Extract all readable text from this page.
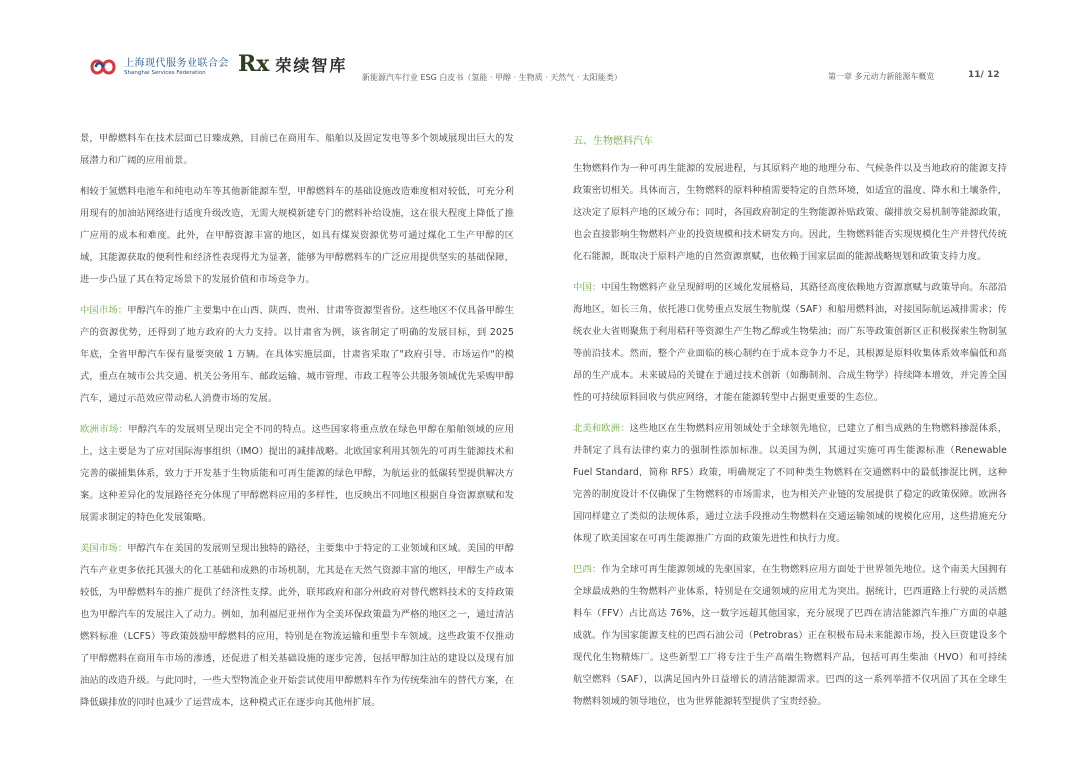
上海现代服务业联合会
Shanghai Services Federation	Rx 荣续智库
新能源汽车行业 ESG 白皮书（氢能 · 甲醇 · 生物质 · 天然气 · 太阳能类）	第一章 多元动力新能源车概览	11/ 12

景，甲醇燃料车在技术层面已日臻成熟，目前已在商用车、船舶以及固定发电等多个领域展现出巨大的发展潜力和广阔的应用前景。

相较于氢燃料电池车和纯电动车等其他新能源车型，甲醇燃料车的基础设施改造难度相对较低，可充分利用现有的加油站网络进行适度升级改造，无需大规模新建专门的燃料补给设施，这在很大程度上降低了推广应用的成本和难度。此外，在甲醇资源丰富的地区，如具有煤炭资源优势可通过煤化工生产甲醇的区域，其能源获取的便利性和经济性表现得尤为显著，能够为甲醇燃料车的广泛应用提供坚实的基础保障，进一步凸显了其在特定场景下的发展价值和市场竞争力。

中国市场：甲醇汽车的推广主要集中在山西、陕西、贵州、甘肃等资源型省份。这些地区不仅具备甲醇生产的资源优势，还得到了地方政府的大力支持。以甘肃省为例，该省制定了明确的发展目标，到 2025 年底，全省甲醇汽车保有量要突破 1 万辆。在具体实施层面，甘肃省采取了"政府引导、市场运作"的模式，重点在城市公共交通、机关公务用车、邮政运输、城市管理、市政工程等公共服务领域优先采购甲醇汽车，通过示范效应带动私人消费市场的发展。

欧洲市场：甲醇汽车的发展则呈现出完全不同的特点。这些国家将重点放在绿色甲醇在船舶领域的应用上，这主要是为了应对国际海事组织（IMO）提出的减排战略。北欧国家利用其领先的可再生能源技术和完善的碳捕集体系，致力于开发基于生物质能和可再生能源的绿色甲醇，为航运业的低碳转型提供解决方案。这种差异化的发展路径充分体现了甲醇燃料应用的多样性，也反映出不同地区根据自身资源禀赋和发展需求制定的特色化发展策略。

美国市场：甲醇汽车在美国的发展则呈现出独特的路径，主要集中于特定的工业领域和区域。美国的甲醇汽车产业更多依托其强大的化工基础和成熟的市场机制，尤其是在天然气资源丰富的地区，甲醇生产成本较低，为甲醇燃料车的推广提供了经济性支撑。此外，联邦政府和部分州政府对替代燃料技术的支持政策也为甲醇汽车的发展注入了动力。例如，加利福尼亚州作为全美环保政策最为严格的地区之一，通过清洁燃料标准（LCFS）等政策鼓励甲醇燃料的应用，特别是在物流运输和重型卡车领域。这些政策不仅推动了甲醇燃料在商用车市场的渗透，还促进了相关基础设施的逐步完善，包括甲醇加注站的建设以及现有加油站的改造升级。与此同时，一些大型物流企业开始尝试使用甲醇燃料车作为传统柴油车的替代方案，在降低碳排放的同时也减少了运营成本，这种模式正在逐步向其他州扩展。

五、生物燃料汽车

生物燃料作为一种可再生能源的发展进程，与其原料产地的地理分布、气候条件以及当地政府的能源支持政策密切相关。具体而言，生物燃料的原料种植需要特定的自然环境，如适宜的温度、降水和土壤条件，这决定了原料产地的区域分布；同时，各国政府制定的生物能源补贴政策、碳排放交易机制等能源政策，也会直接影响生物燃料产业的投资规模和技术研发方向。因此，生物燃料能否实现规模化生产并替代传统化石能源，既取决于原料产地的自然资源禀赋，也依赖于国家层面的能源战略规划和政策支持力度。

中国：中国生物燃料产业呈现鲜明的区域化发展格局，其路径高度依赖地方资源禀赋与政策导向。东部沿海地区，如长三角，依托港口优势重点发展生物航煤（SAF）和船用燃料油，对接国际航运减排需求；传统农业大省则聚焦于利用秸秆等资源生产生物乙醇或生物柴油；而广东等政策创新区正积极探索生物制氢等前沿技术。然而，整个产业面临的核心制约在于成本竞争力不足，其根源是原料收集体系效率偏低和高昂的生产成本。未来破局的关键在于通过技术创新（如酶制剂、合成生物学）持续降本增效，并完善全国性的可持续原料回收与供应网络，才能在能源转型中占据更重要的生态位。

北美和欧洲：这些地区在生物燃料应用领域处于全球领先地位，已建立了相当成熟的生物燃料掺混体系，并制定了具有法律约束力的强制性添加标准。以美国为例，其通过实施可再生能源标准（Renewable Fuel Standard，简称 RFS）政策，明确规定了不同种类生物燃料在交通燃料中的最低掺混比例，这种完善的制度设计不仅确保了生物燃料的市场需求，也为相关产业链的发展提供了稳定的政策保障。欧洲各国同样建立了类似的法规体系，通过立法手段推动生物燃料在交通运输领域的规模化应用，这些措施充分体现了欧美国家在可再生能源推广方面的政策先进性和执行力度。

巴西：作为全球可再生能源领域的先驱国家，在生物燃料应用方面处于世界领先地位。这个南美大国拥有全球最成熟的生物燃料产业体系，特别是在交通领域的应用尤为突出。据统计，巴西道路上行驶的灵活燃料车（FFV）占比高达 76%，这一数字远超其他国家，充分展现了巴西在清洁能源汽车推广方面的卓越成就。作为国家能源支柱的巴西石油公司（Petrobras）正在积极布局未来能源市场，投入巨资建设多个现代化生物精炼厂。这些新型工厂将专注于生产高端生物燃料产品，包括可再生柴油（HVO）和可持续航空燃料（SAF），以满足国内外日益增长的清洁能源需求。巴西的这一系列举措不仅巩固了其在全球生物燃料领域的领导地位，也为世界能源转型提供了宝贵经验。
